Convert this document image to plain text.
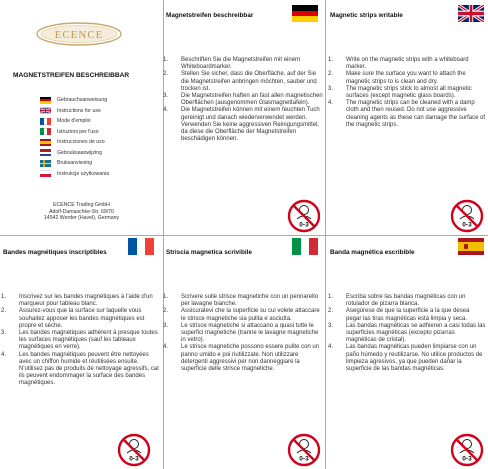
ECENCE
MAGNETSTREIFEN BESCHREIBBAR
Gebrauchsanweisung
Instructions for use
Mode d'emploi
Istruzioni per l'uso
Instrucciones de uso
Gebruiksaanwijzing
Bruksanvisning
Instrukcje użytkowania
ECENCE Trading GmbH
Adolf-Damaschke-Str. 69/70
14542 Werder (Havel), Germany
Magnetstreifen beschreibbar
1.	Beschriften Sie die Magnetstreifen mit einem Whiteboardmarker.
2.	Stellen Sie sicher, dass die Oberfläche, auf der Sie die Magnetstreifen anbringen möchten, sauber und trocken ist.
3.	Die Magnetstreifen haften an fast allen magnetischen Oberflächen (ausgenommen Glasmagnettafeln).
4.	Die Magnetstreifen können mit einem feuchten Tuch gereinigt und danach wiederverwendet werden. Verwenden Sie keine aggressiven Reinigungsmittel, da diese die Oberfläche der Magnetstreifen beschädigen können.
Magnetic strips writable
1.	Write on the magnetic strips with a whiteboard marker.
2.	Make sure the surface you want to attach the magnetic strips to is clean and dry.
3.	The magnetic strips stick to almost all magnetic surfaces (except magnetic glass boards).
4.	The magnetic strips can be cleaned with a damp cloth and then reused. Do not use aggressive cleaning agents as these can damage the surface of the magnetic strips.
Bandes magnétiques inscriptibles
1.	Inscrivez sur les bandes magnétiques à l'aide d'un marqueur pour tableau blanc.
2.	Assurez-vous que la surface sur laquelle vous souhaitez apposer les bandes magnétiques est propre et sèche.
3.	Les bandes magnétiques adhèrent à presque toutes les surfaces magnétiques (sauf les tableaux magnétiques en verre).
4.	Les bandes magnétiques peuvent être nettoyées avec un chiffon humide et réutilisées ensuite. N'utilisez pas de produits de nettoyage agressifs, car ils peuvent endommager la surface des bandes magnétiques.
Striscia magnetica scrivibile
1.	Scrivere sulle strisce magnetiche con un pennarello per lavagne bianche.
2.	Assicuratevi che la superficie su cui volete attaccare le strisce magnetiche sia pulita e asciutta.
3.	Le strisce magnetiche si attaccano a quasi tutte le superfici magnetiche (tranne le lavagne magnetiche in vetro).
4.	Le strisce magnetiche possono essere pulite con un panno umido e poi riutilizzate. Non utilizzare detergenti aggressivi per non danneggiare la superficie delle strisce magnetiche.
Banda magnética escribible
1.	Escriba sobre las bandas magnéticas con un rotulador de pizarra blanca.
2.	Asegúrese de que la superficie a la que desea pegar las tiras magnéticas está limpia y seca.
3.	Las bandas magnéticas se adhieren a casi todas las superficies magnéticas (excepto pizarras magnéticas de cristal).
4.	Las bandas magnéticas pueden limpiarse con un paño húmedo y reutilizarse. No utilice productos de limpieza agresivos, ya que pueden dañar la superficie de las bandas magnéticas.
0-3	0-3
0-3	0-3	0-3
